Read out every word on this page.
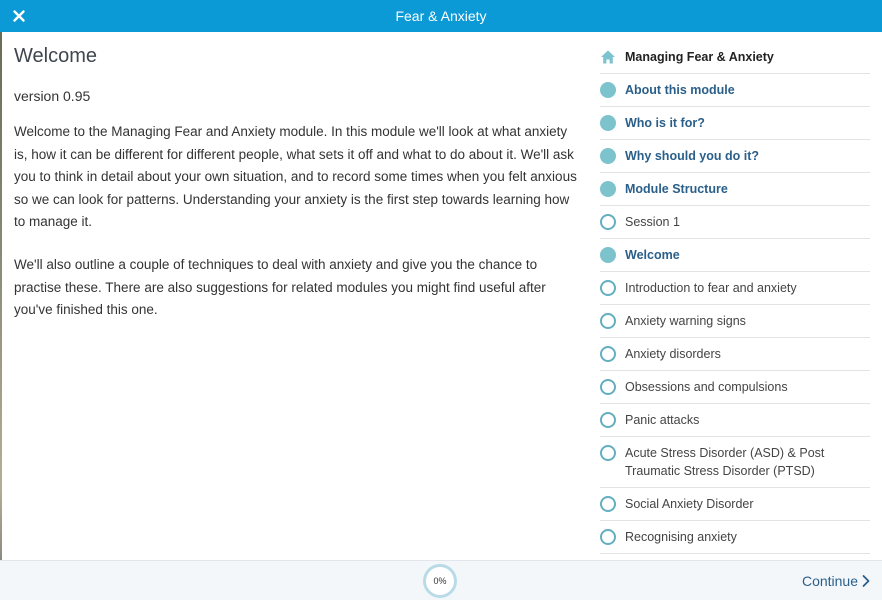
Fear & Anxiety
Welcome
version 0.95

Welcome to the Managing Fear and Anxiety module. In this module we'll look at what anxiety is, how it can be different for different people, what sets it off and what to do about it. We'll ask you to think in detail about your own situation, and to record some times when you felt anxious so we can look for patterns. Understanding your anxiety is the first step towards learning how to manage it.

We'll also outline a couple of techniques to deal with anxiety and give you the chance to practise these. There are also suggestions for related modules you might find useful after you've finished this one.

Managing Fear & Anxiety
About this module
Who is it for?
Why should you do it?
Module Structure
Session 1
Welcome
Introduction to fear and anxiety
Anxiety warning signs
Anxiety disorders
Obsessions and compulsions
Panic attacks
Acute Stress Disorder (ASD) & Post Traumatic Stress Disorder (PTSD)
Social Anxiety Disorder
Recognising anxiety
0%	Continue
